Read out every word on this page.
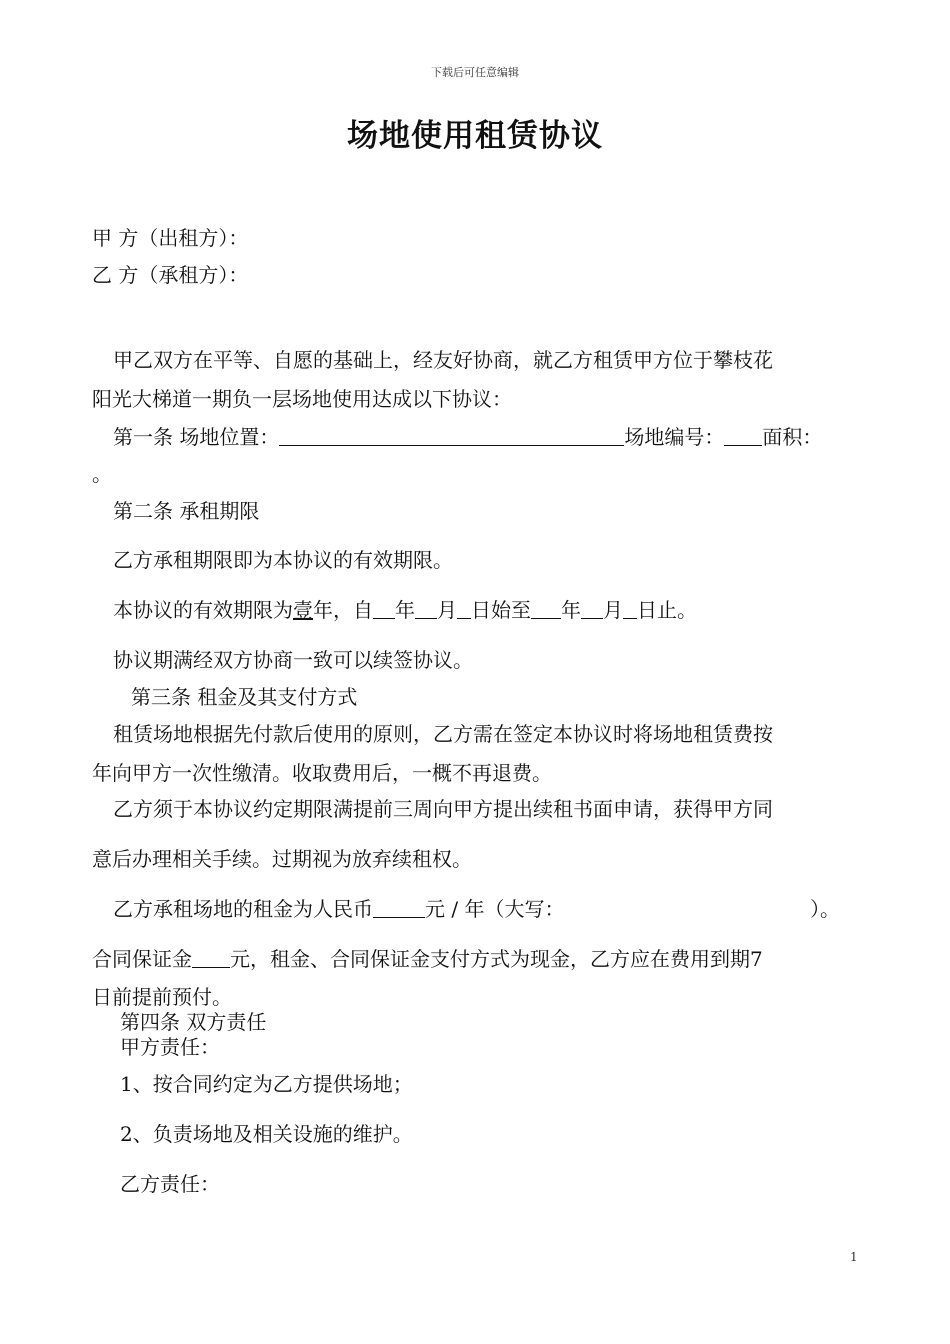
下载后可任意编辑
场地使用租赁协议
甲 方（出租方）：
乙 方（承租方）：
甲乙双方在平等、自愿的基础上，经友好协商，就乙方租赁甲方位于攀枝花
阳光大梯道一期负一层场地使用达成以下协议：
第一条 场地位置：	场地编号： 面积：
。
第二条 承租期限
乙方承租期限即为本协议的有效期限。
本协议的有效期限为壹年，自 年 月 日始至 年 月 日止。
协议期满经双方协商一致可以续签协议。
第三条 租金及其支付方式
租赁场地根据先付款后使用的原则，乙方需在签定本协议时将场地租赁费按
年向甲方一次性缴清。收取费用后，一概不再退费。
乙方须于本协议约定期限满提前三周向甲方提出续租书面申请，获得甲方同
意后办理相关手续。过期视为放弃续租权。
乙方承租场地的租金为人民币	元 / 年（大写：	）。
合同保证金 元，租金、合同保证金支付方式为现金，乙方应在费用到期7
日前提前预付。
第四条 双方责任
甲方责任：
1、按合同约定为乙方提供场地；
2、负责场地及相关设施的维护。
乙方责任：
1
